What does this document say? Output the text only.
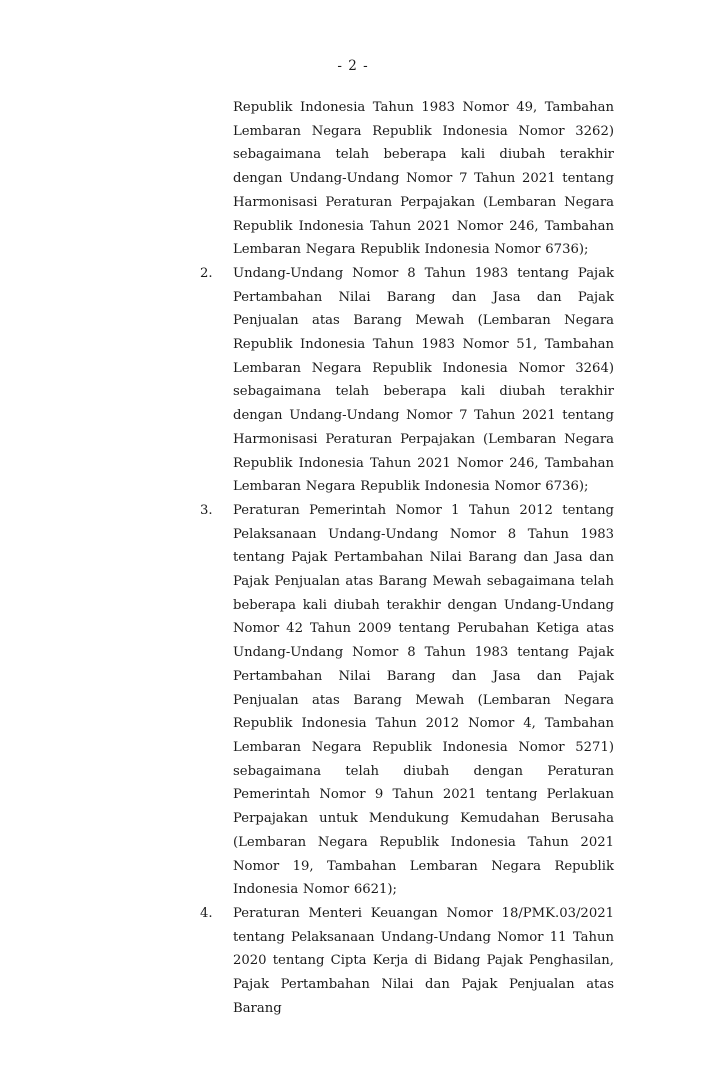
- 2 -
Republik Indonesia Tahun 1983 Nomor 49, Tambahan Lembaran Negara Republik Indonesia Nomor 3262) sebagaimana telah beberapa kali diubah terakhir dengan Undang-Undang Nomor 7 Tahun 2021 tentang Harmonisasi Peraturan Perpajakan (Lembaran Negara Republik Indonesia Tahun 2021 Nomor 246, Tambahan Lembaran Negara Republik Indonesia Nomor 6736);
2. Undang-Undang Nomor 8 Tahun 1983 tentang Pajak Pertambahan Nilai Barang dan Jasa dan Pajak Penjualan atas Barang Mewah (Lembaran Negara Republik Indonesia Tahun 1983 Nomor 51, Tambahan Lembaran Negara Republik Indonesia Nomor 3264) sebagaimana telah beberapa kali diubah terakhir dengan Undang-Undang Nomor 7 Tahun 2021 tentang Harmonisasi Peraturan Perpajakan (Lembaran Negara Republik Indonesia Tahun 2021 Nomor 246, Tambahan Lembaran Negara Republik Indonesia Nomor 6736);
3. Peraturan Pemerintah Nomor 1 Tahun 2012 tentang Pelaksanaan Undang-Undang Nomor 8 Tahun 1983 tentang Pajak Pertambahan Nilai Barang dan Jasa dan Pajak Penjualan atas Barang Mewah sebagaimana telah beberapa kali diubah terakhir dengan Undang-Undang Nomor 42 Tahun 2009 tentang Perubahan Ketiga atas Undang-Undang Nomor 8 Tahun 1983 tentang Pajak Pertambahan Nilai Barang dan Jasa dan Pajak Penjualan atas Barang Mewah (Lembaran Negara Republik Indonesia Tahun 2012 Nomor 4, Tambahan Lembaran Negara Republik Indonesia Nomor 5271) sebagaimana telah diubah dengan Peraturan Pemerintah Nomor 9 Tahun 2021 tentang Perlakuan Perpajakan untuk Mendukung Kemudahan Berusaha (Lembaran Negara Republik Indonesia Tahun 2021 Nomor 19, Tambahan Lembaran Negara Republik Indonesia Nomor 6621);
4. Peraturan Menteri Keuangan Nomor 18/PMK.03/2021 tentang Pelaksanaan Undang-Undang Nomor 11 Tahun 2020 tentang Cipta Kerja di Bidang Pajak Penghasilan, Pajak Pertambahan Nilai dan Pajak Penjualan atas Barang
